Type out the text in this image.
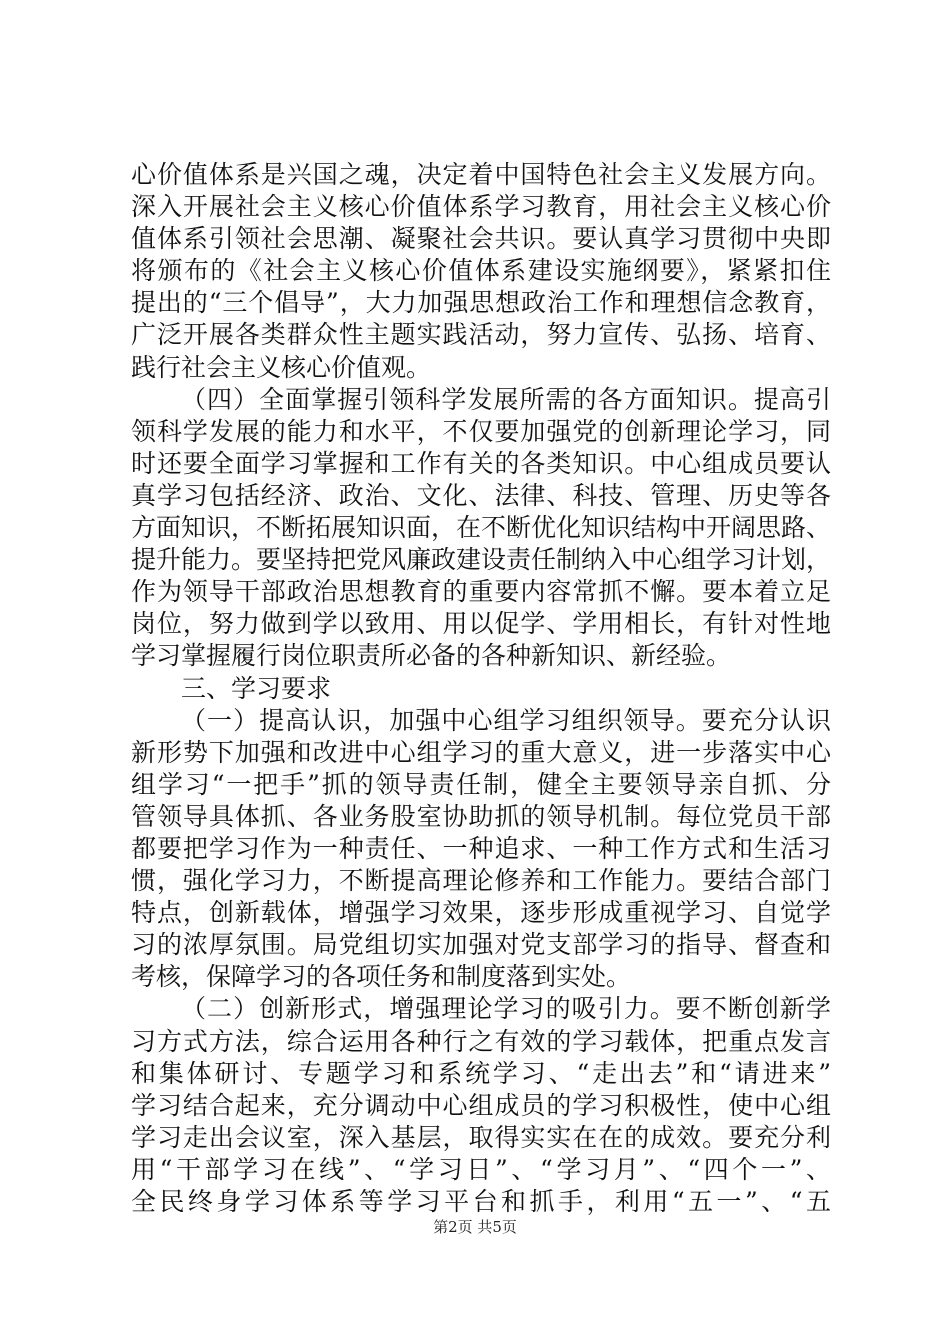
心价值体系是兴国之魂，决定着中国特色社会主义发展方向。
深入开展社会主义核心价值体系学习教育，用社会主义核心价
值体系引领社会思潮、凝聚社会共识。要认真学习贯彻中央即
将颁布的《社会主义核心价值体系建设实施纲要》，紧紧扣住
提出的“三个倡导”，大力加强思想政治工作和理想信念教育，
广泛开展各类群众性主题实践活动，努力宣传、弘扬、培育、
践行社会主义核心价值观。
（四）全面掌握引领科学发展所需的各方面知识。提高引
领科学发展的能力和水平，不仅要加强党的创新理论学习，同
时还要全面学习掌握和工作有关的各类知识。中心组成员要认
真学习包括经济、政治、文化、法律、科技、管理、历史等各
方面知识，不断拓展知识面，在不断优化知识结构中开阔思路、
提升能力。要坚持把党风廉政建设责任制纳入中心组学习计划，
作为领导干部政治思想教育的重要内容常抓不懈。要本着立足
岗位，努力做到学以致用、用以促学、学用相长，有针对性地
学习掌握履行岗位职责所必备的各种新知识、新经验。
三、学习要求
（一）提高认识，加强中心组学习组织领导。要充分认识
新形势下加强和改进中心组学习的重大意义，进一步落实中心
组学习“一把手”抓的领导责任制，健全主要领导亲自抓、分
管领导具体抓、各业务股室协助抓的领导机制。每位党员干部
都要把学习作为一种责任、一种追求、一种工作方式和生活习
惯，强化学习力，不断提高理论修养和工作能力。要结合部门
特点，创新载体，增强学习效果，逐步形成重视学习、自觉学
习的浓厚氛围。局党组切实加强对党支部学习的指导、督查和
考核，保障学习的各项任务和制度落到实处。
（二）创新形式，增强理论学习的吸引力。要不断创新学
习方式方法，综合运用各种行之有效的学习载体，把重点发言
和集体研讨、专题学习和系统学习、“走出去”和“请进来”
学习结合起来，充分调动中心组成员的学习积极性，使中心组
学习走出会议室，深入基层，取得实实在在的成效。要充分利
用“干部学习在线”、“学习日”、“学习月”、“四个一”、
全民终身学习体系等学习平台和抓手，利用“五一”、“五
第2页 共5页
